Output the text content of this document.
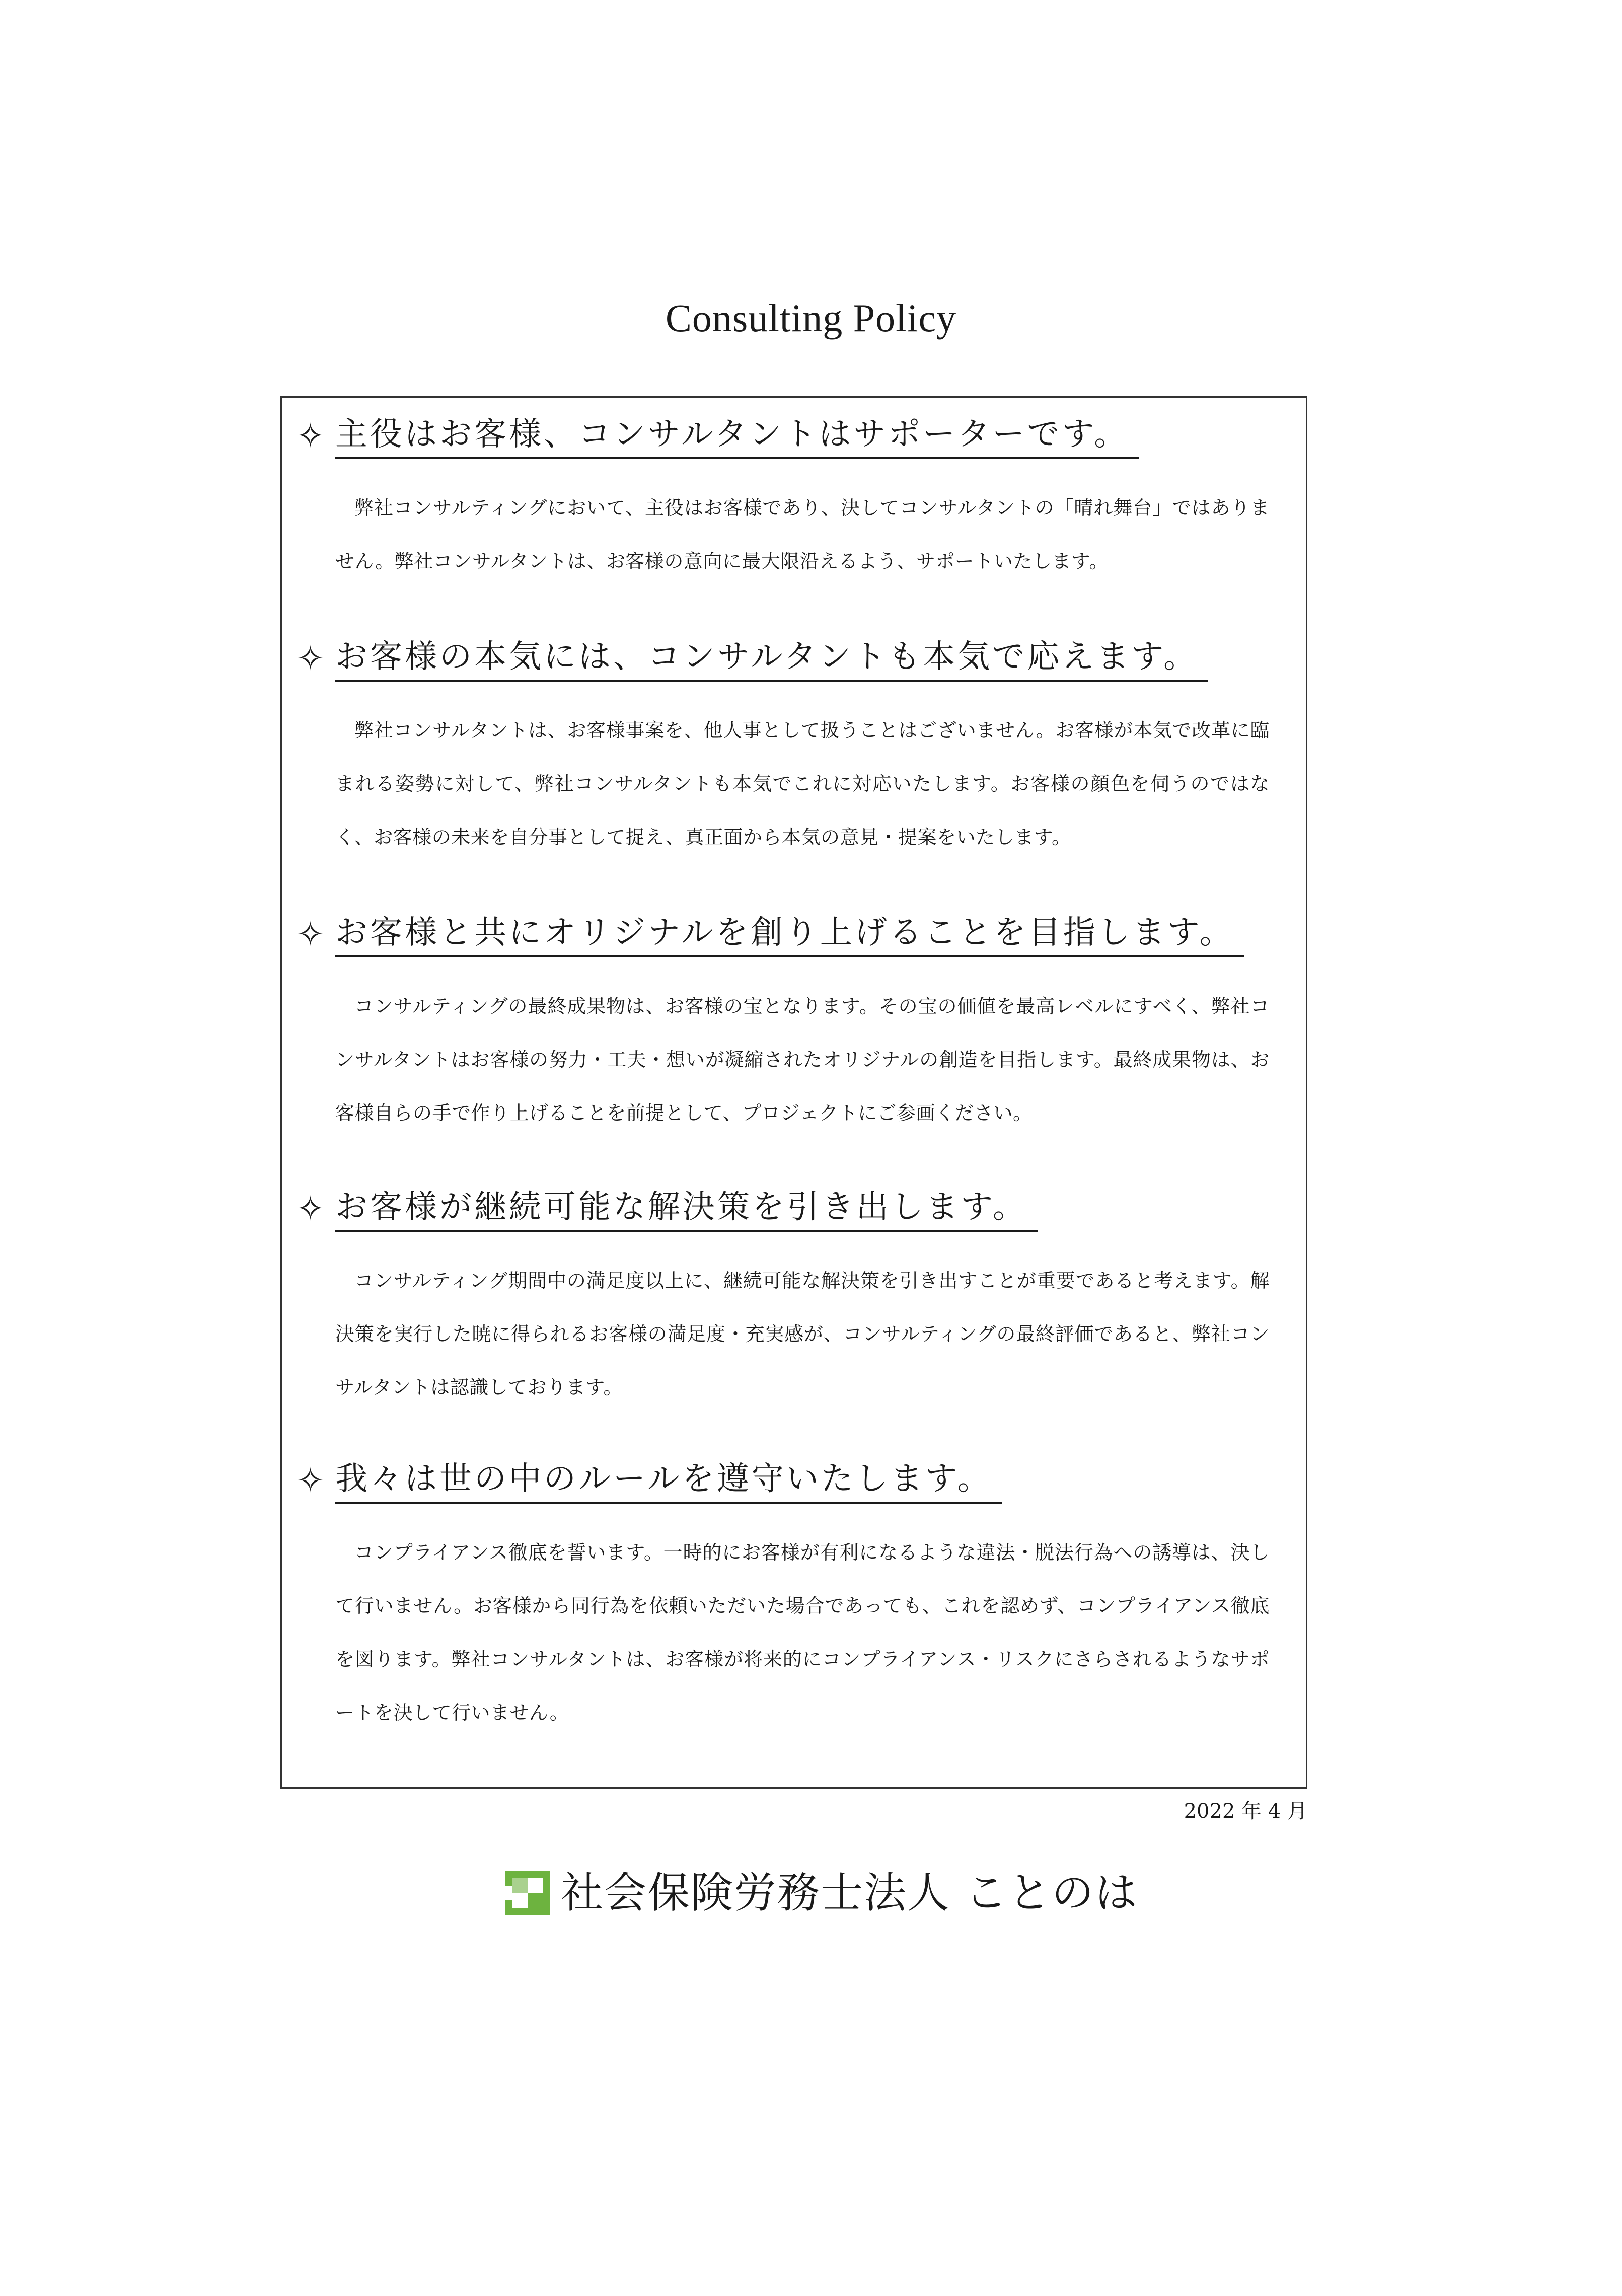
Consulting Policy
✧ 主役はお客様、コンサルタントはサポーターです。
弊社コンサルティングにおいて、主役はお客様であり、決してコンサルタントの「晴れ舞台」ではありません。弊社コンサルタントは、お客様の意向に最大限沿えるよう、サポートいたします。
✧ お客様の本気には、コンサルタントも本気で応えます。
弊社コンサルタントは、お客様事案を、他人事として扱うことはございません。お客様が本気で改革に臨まれる姿勢に対して、弊社コンサルタントも本気でこれに対応いたします。お客様の顔色を伺うのではなく、お客様の未来を自分事として捉え、真正面から本気の意見・提案をいたします。
✧ お客様と共にオリジナルを創り上げることを目指します。
コンサルティングの最終成果物は、お客様の宝となります。その宝の価値を最高レベルにすべく、弊社コンサルタントはお客様の努力・工夫・想いが凝縮されたオリジナルの創造を目指します。最終成果物は、お客様自らの手で作り上げることを前提として、プロジェクトにご参画ください。
✧ お客様が継続可能な解決策を引き出します。
コンサルティング期間中の満足度以上に、継続可能な解決策を引き出すことが重要であると考えます。解決策を実行した暁に得られるお客様の満足度・充実感が、コンサルティングの最終評価であると、弊社コンサルタントは認識しております。
✧ 我々は世の中のルールを遵守いたします。
コンプライアンス徹底を誓います。一時的にお客様が有利になるような違法・脱法行為への誘導は、決して行いません。お客様から同行為を依頼いただいた場合であっても、これを認めず、コンプライアンス徹底を図ります。弊社コンサルタントは、お客様が将来的にコンプライアンス・リスクにさらされるようなサポートを決して行いません。
2022 年 4 月
社会保険労務士法人 ことのは
